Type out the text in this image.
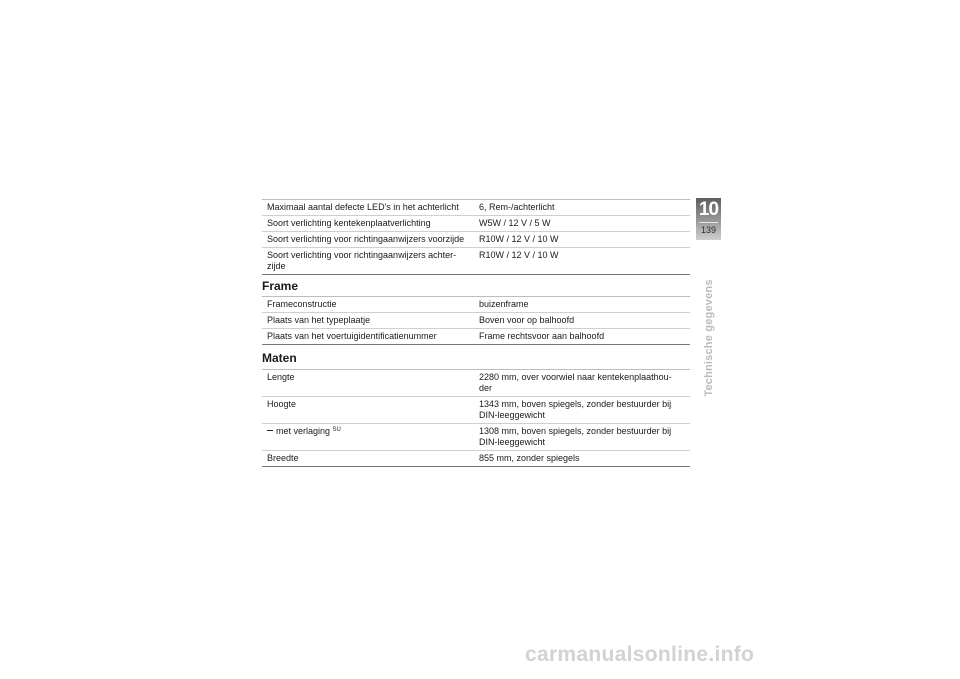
Maximaal aantal defecte LED's in het achterlicht	6, Rem-/achterlicht
Soort verlichting kentekenplaatverlichting	W5W / 12 V / 5 W
Soort verlichting voor richtingaanwijzers voorzijde	R10W / 12 V / 10 W
Soort verlichting voor richtingaanwijzers achter-
zijde	R10W / 12 V / 10 W
Frame
Frameconstructie	buizenframe
Plaats van het typeplaatje	Boven voor op balhoofd
Plaats van het voertuigidentificatienummer	Frame rechtsvoor aan balhoofd
Maten
Lengte	2280 mm, over voorwiel naar kentekenplaathou-
der
Hoogte	1343 mm, boven spiegels, zonder bestuurder bij
DIN-leeggewicht
met verlaging $^{SU}$	1308 mm, boven spiegels, zonder bestuurder bij
DIN-leeggewicht
Breedte	855 mm, zonder spiegels
10
139
Technische gegevens
carmanualsonline.info
